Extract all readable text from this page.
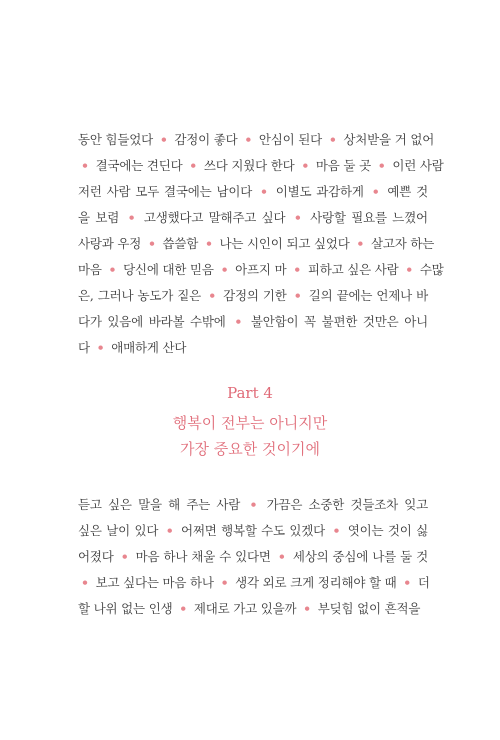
동안 힘들었다 • 감정이 좋다 • 안심이 된다 • 상처받을 거 없어
• 결국에는 견딘다 • 쓰다 지웠다 한다 • 마음 둘 곳 • 이런 사람
저런 사람 모두 결국에는 남이다 • 이별도 과감하게 • 예쁜 것
을 보렴 • 고생했다고 말해주고 싶다 • 사랑할 필요를 느꼈어
사랑과 우정 • 씁쓸함 • 나는 시인이 되고 싶었다 • 살고자 하는
마음 • 당신에 대한 믿음 • 아프지 마 • 피하고 싶은 사람 • 수많
은, 그러나 농도가 짙은 • 감정의 기한 • 길의 끝에는 언제나 바
다가 있음에 바라볼 수밖에 • 불안함이 꼭 불편한 것만은 아니
다 • 애매하게 산다
Part 4
행복이 전부는 아니지만
가장 중요한 것이기에
듣고 싶은 말을 해 주는 사람 • 가끔은 소중한 것들조차 잊고
싶은 날이 있다 • 어쩌면 행복할 수도 있겠다 • 엿이는 것이 싫
어졌다 • 마음 하나 채울 수 있다면 • 세상의 중심에 나를 둘 것
• 보고 싶다는 마음 하나 • 생각 외로 크게 정리해야 할 때 • 더
할 나위 없는 인생 • 제대로 가고 있을까 • 부딪힘 없이 흔적을
